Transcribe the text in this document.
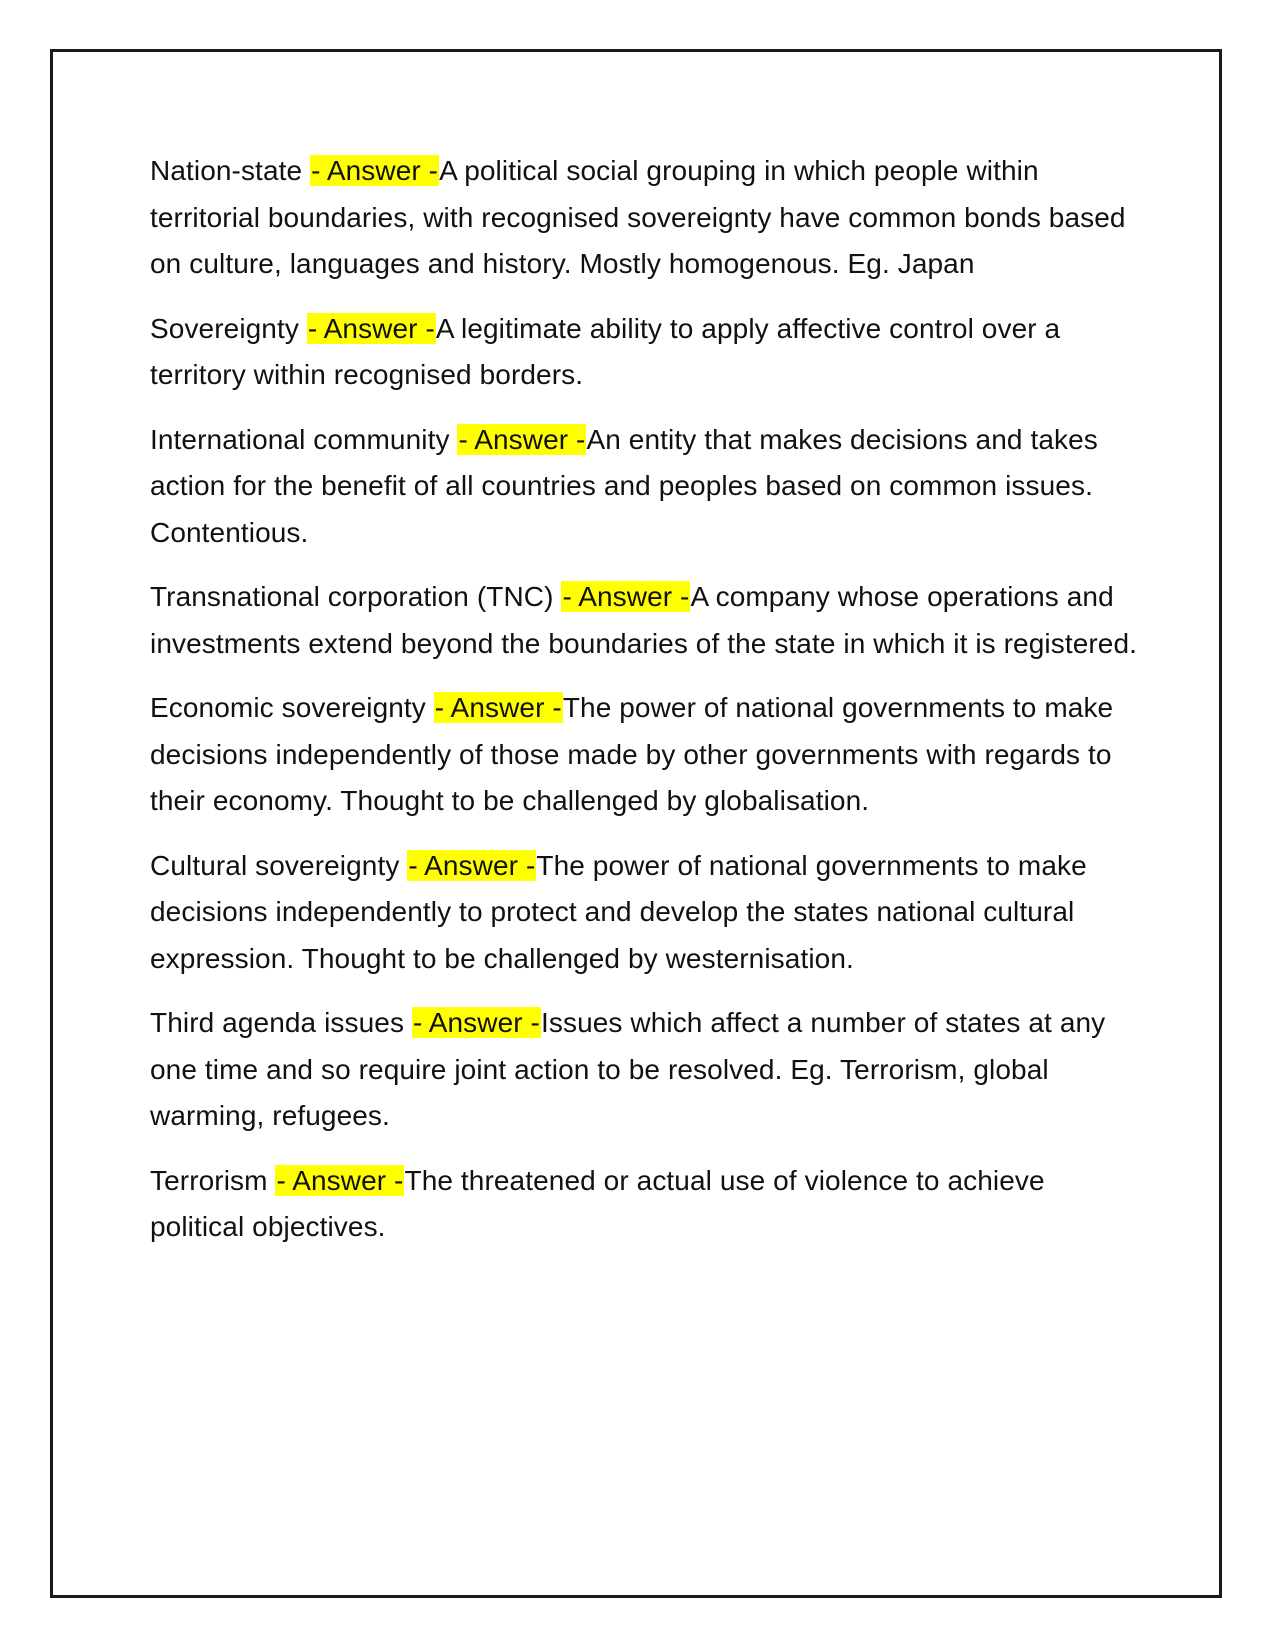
Nation-state - Answer -A political social grouping in which people within territorial boundaries, with recognised sovereignty have common bonds based on culture, languages and history. Mostly homogenous. Eg. Japan

Sovereignty - Answer -A legitimate ability to apply affective control over a territory within recognised borders.

International community - Answer -An entity that makes decisions and takes action for the benefit of all countries and peoples based on common issues. Contentious.

Transnational corporation (TNC) - Answer -A company whose operations and investments extend beyond the boundaries of the state in which it is registered.

Economic sovereignty - Answer -The power of national governments to make decisions independently of those made by other governments with regards to their economy. Thought to be challenged by globalisation.

Cultural sovereignty - Answer -The power of national governments to make decisions independently to protect and develop the states national cultural expression. Thought to be challenged by westernisation.

Third agenda issues - Answer -Issues which affect a number of states at any one time and so require joint action to be resolved. Eg. Terrorism, global warming, refugees.

Terrorism - Answer -The threatened or actual use of violence to achieve political objectives.
